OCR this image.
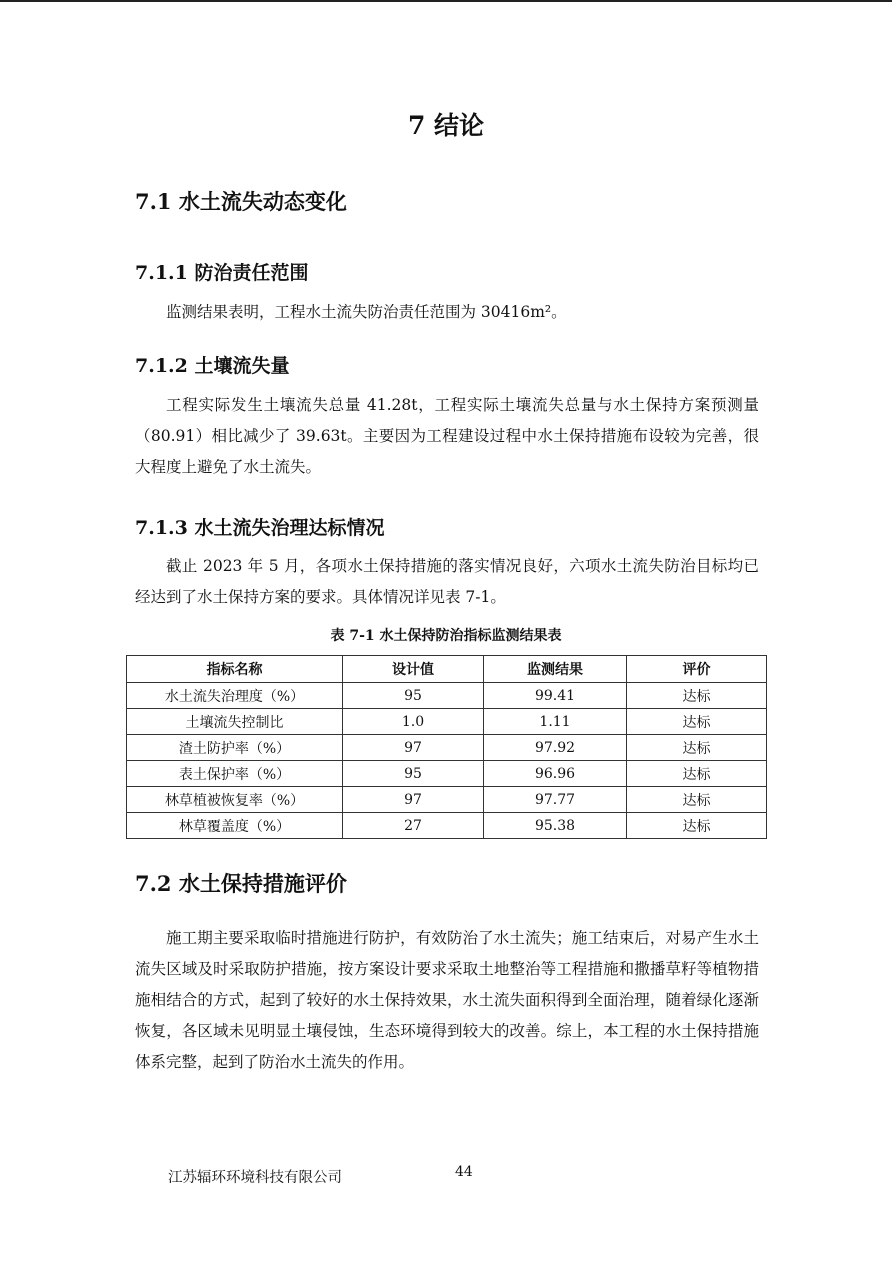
7 结论
7.1 水土流失动态变化
7.1.1 防治责任范围
监测结果表明，工程水土流失防治责任范围为 30416m²。
7.1.2 土壤流失量
工程实际发生土壤流失总量 41.28t，工程实际土壤流失总量与水土保持方案预测量（80.91）相比减少了 39.63t。主要因为工程建设过程中水土保持措施布设较为完善，很大程度上避免了水土流失。
7.1.3 水土流失治理达标情况
截止 2023 年 5 月，各项水土保持措施的落实情况良好，六项水土流失防治目标均已经达到了水土保持方案的要求。具体情况详见表 7-1。
表 7-1 水土保持防治指标监测结果表
指标名称	设计值	监测结果	评价
水土流失治理度（%）	95	99.41	达标
土壤流失控制比	1.0	1.11	达标
渣土防护率（%）	97	97.92	达标
表土保护率（%）	95	96.96	达标
林草植被恢复率（%）	97	97.77	达标
林草覆盖度（%）	27	95.38	达标
7.2 水土保持措施评价
施工期主要采取临时措施进行防护，有效防治了水土流失；施工结束后，对易产生水土流失区域及时采取防护措施，按方案设计要求采取土地整治等工程措施和撒播草籽等植物措施相结合的方式，起到了较好的水土保持效果，水土流失面积得到全面治理，随着绿化逐渐恢复，各区域未见明显土壤侵蚀，生态环境得到较大的改善。综上，本工程的水土保持措施体系完整，起到了防治水土流失的作用。
江苏辐环环境科技有限公司	44
